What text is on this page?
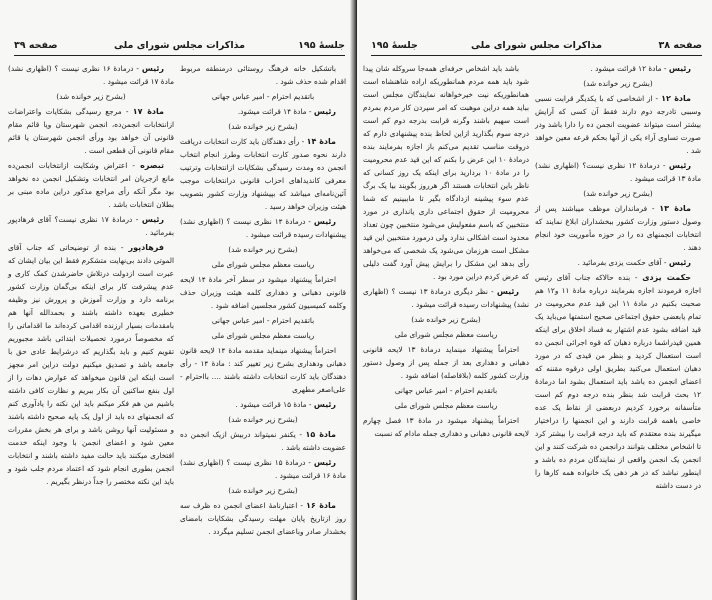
جلسهٔ ۱۹۵
مذاکرات مجلس شورای ملی
صفحه ۳۹
باتشکیل خانه فرهنگ روستائی درمنطقه مربوط اقدام شده حذف شود .
باتقدیم احترام - امیر عباس جهانی
رئیس - مادهٔ ۱۴ قرائت میشود.
(بشرح زیر خوانده شد)
مادهٔ ۱۴ - رأی دهندگان باید کارت انتخابات دریافت دارند نحوه صدور کارت انتخابات وطرز انجام انتخاب انجمن ده ومدت رسیدگی بشکایات ازانتخابات وترتیب معرفی کاندیداهای احزاب قانونی درانتخابات موجب آئین‌نامه‌ای میباشد که بپیشنهاد وزارت کشور بتصویب هیئت وزیران خواهد رسید .
رئیس - درمادهٔ ۱۴ نظری نیست ؟ (اظهاری نشد) پیشنهادات رسیده قرائت میشود .
(بشرح زیر خوانده شد)
ریاست معظم مجلس شورای ملی
احتراماً پیشنهاد میشود در سطر آخر مادهٔ ۱۴ لایحه قانونی دهبانی و دهداری کلمه هیئت وزیران حذف وکلمه کمیسیون کشور مجلسین اضافه شود .
باتقدیم احترام - امیر عباس جهانی
ریاست معظم مجلس شورای ملی
احتراماً پیشنهاد مینماید مقدمه مادهٔ ۱۴ لایحه قانون دهبانی ودهداری بشرح زیر تغییر کند : مادهٔ ۱۴ - رأی دهندگان باید کارت انتخابات داشته باشند .... بااحترام - علی‌اصغر مطهری
رئیس - مادهٔ ۱۵ قرائت میشود .
(بشرح زیر خوانده شد)
مادهٔ ۱۵ - یکنفر نمیتواند دربیش ازیک انجمن ده عضویت داشته باشد .
رئیس - درمادهٔ ۱۵ نظری نیست ؟ (اظهاری نشد) مادهٔ ۱۶ قرائت میشود .
(بشرح زیر خوانده شد)
مادهٔ ۱۶ - اعتبارنامهٔ اعضای انجمن ده ظرف سه روز ازتاریخ پایان مهلت رسیدگی بشکایات بامضای بخشدار صادر وباعضای انجمن تسلیم میگردد .
رئیس - درمادهٔ ۱۶ نظری نیست ؟ (اظهاری نشد) مادهٔ ۱۷ قرائت میشود .
(بشرح زیر خوانده شد)
مادهٔ ۱۷ - مرجع رسیدگی بشکایات واعتراضات ازانتخابات انجمن‌ده، انجمن شهرستان ویا قائم مقام قانونی آن خواهد بود ورأی انجمن شهرستان یا قائم مقام قانونی آن قطعی است .
تبصره - اعتراض وشکایت ازانتخابات انجمن‌ده مانع ازجریان امر انتخابات وتشکیل انجمن ده نخواهد بود مگر آنکه رأی مراجع مذکور دراین ماده مبنی بر بطلان انتخابات باشد .
رئیس - درمادهٔ ۱۷ نظری نیست؟ آقای فرهادپور بفرمائید .
فرهادپور - بنده از توضیحاتی که جناب آقای الموتی دادند بی‌نهایت متشکرم فقط این بیان ایشان که عبرت است ازدولت درتلاش حاضرشدن کمک کاری و عدم پیشرفت کار برای اینکه بی‌گمان وزارت کشور برنامه دارد و وزارت آموزش و پرورش نیز وظیفه خطیری بعهده داشته باشند و بحمدالله آنها هم بامقدمات بسیار ارزنده اقدامی کرده‌اند ما اقداماتی را که مخصوصاً درمورد تحصیلات ابتدائی باشد مجبوریم تقویم کنیم و باید بگذاریم که درشرایط عادی حق با جامعه باشد و تصدیق میکنیم دولت دراین امر مجهز است اینکه این قانون میخواهد که عوارض دهات را از اول بنفع ساکنین آن بکار ببریم و نظارت کافی داشته باشیم من هم فکر میکنم باید این نکته را یادآوری کنم که انجمنهای ده باید از اول یک پایه صحیح داشته باشند و مسئولیت آنها روشن باشد و برای هر بخش مقررات معین شود و اعضای انجمن با وجود اینکه خدمت افتخاری میکنند باید حالت مفید داشته باشند و انتخابات انجمن بطوری انجام شود که اعتماد مردم جلب شود و باید این نکته مختصر را جداً درنظر بگیریم .
صفحه ۳۸
مذاکرات مجلس شورای ملی
جلسهٔ ۱۹۵
رئیس - مادهٔ ۱۲ قرائت میشود .
(بشرح زیر خوانده شد)
مادهٔ ۱۲ - از اشخاصی که با یکدیگر قرابت نسبی وسببی تادرجه دوم دارند فقط آن کسی که آرایش بیشتر است میتواند عضویت انجمن ده را دارا باشد ودر صورت تساوی آراء یکی از آنها بحکم قرعه معین خواهد شد .
رئیس - درمادهٔ ۱۲ نظری نیست؟ (اظهاری نشد) مادهٔ ۱۳ قرائت میشود .
(بشرح زیر خوانده شد)
مادهٔ ۱۳ - فرمانداران موظف میباشند پس از وصول دستور وزارت کشور ببخشداران ابلاغ نمایند که انتخابات انجمنهای ده را در حوزه مأموریت خود انجام دهند .
رئیس - آقای حکمت یزدی بفرمائید .
حکمت یزدی - بنده حالاکه جناب آقای رئیس اجازه فرمودند اجازه بفرمایند درباره مادهٔ ۱۱ و۱۲ هم صحبت بکنیم در مادهٔ ۱۱ این قید عدم محرومیت در تمام یابعضی حقوق اجتماعی صحیح استمتها می‌باید یک قید اضافه بشود عدم اشتهار به فساد اخلاق برای اینکه همین قیدراشما درباره دهبان که قوه اجرائی انجمن ده است استعمال کردید و بنظر من قیدی که در مورد دهبان استعمال می‌کنید بطریق اولی درقوه مقننه که اعضای انجمن ده باشد باید استعمال بشود اما درمادهٔ ۱۲ بحث قرابت شد بنظر بنده درجه دوم کم است متأسفانه برخورد کردیم دربعضی از نقاط یک عده خاصی باهمه قرابت دارند و این انجمنها را دراختیار میگیرند بنده معتقدم که باید درجه قرابت را بیشتر کرد تا اشخاص مختلف بتوانند درانجمن ده شرکت کنند و این انجمن یک انجمن واقعی از نمایندگان مردم ده باشد و اینطور نباشد که در هر دهی یک خانواده همه کارها را در دست داشته
باشد باید اشخاص حرفه‌ای همه‌جا سروکله شان پیدا شود باید همه مردم همانطوریکه اراده شاهنشاه است همانطوریکه نیت خیرخواهانه نمایندگان مجلس است بباید همه دراین موهبت که امر سپردن کار مردم بمردم است سهیم باشند وگرنه قرابت بدرجه دوم کم است درجه سوم بگذارید ازاین لحاظ بنده پیشنهادی دارم که دروقت مناسب تقدیم می‌کنم باز اجازه بفرمایند بنده درمادهٔ ۱۰ این عرض را بکنم که این قید عدم محرومیت را در مادهٔ ۱۰ بردارید برای اینکه یک روز کسانی که ناظر باین انتخابات هستند اگر هرروز بگویند بیا یک برگ عدم سوء پیشینه ازدادگاه بگیر تا ماببینیم که شما محرومیت از حقوق اجتماعی داری یانداری در مورد منتخبین که باسم مفعولیش می‌شود منتخبین چون تعداد محدود است اشکالی ندارد ولی درمورد منتخبین این قید مشکل است هرزمان می‌شود یک شخصی که می‌خواهد رأی بدهد این مشکل را برایش پیش آورد گفت دلیلی که عرض کردم دراین مورد بود .
رئیس - نظر دیگری درمادهٔ ۱۳ نیست ؟ (اظهاری نشد) پیشنهادات رسیده قرائت میشود .
(بشرح زیر خوانده شد)
ریاست معظم مجلس شورای ملی
احتراماً پیشنهاد مینماید درمادهٔ ۱۳ لایحه قانونی دهبانی و دهداری بعد از جمله پس از وصول دستور وزارت کشور کلمه (بلافاصله) اضافه شود .
باتقدیم احترام - امیر عباس جهانی
ریاست معظم مجلس شورای ملی
احتراماً پیشنهاد میشود در مادهٔ ۱۳ فصل چهارم لایحه قانونی دهبانی و دهداری جمله مادام که نسبت
